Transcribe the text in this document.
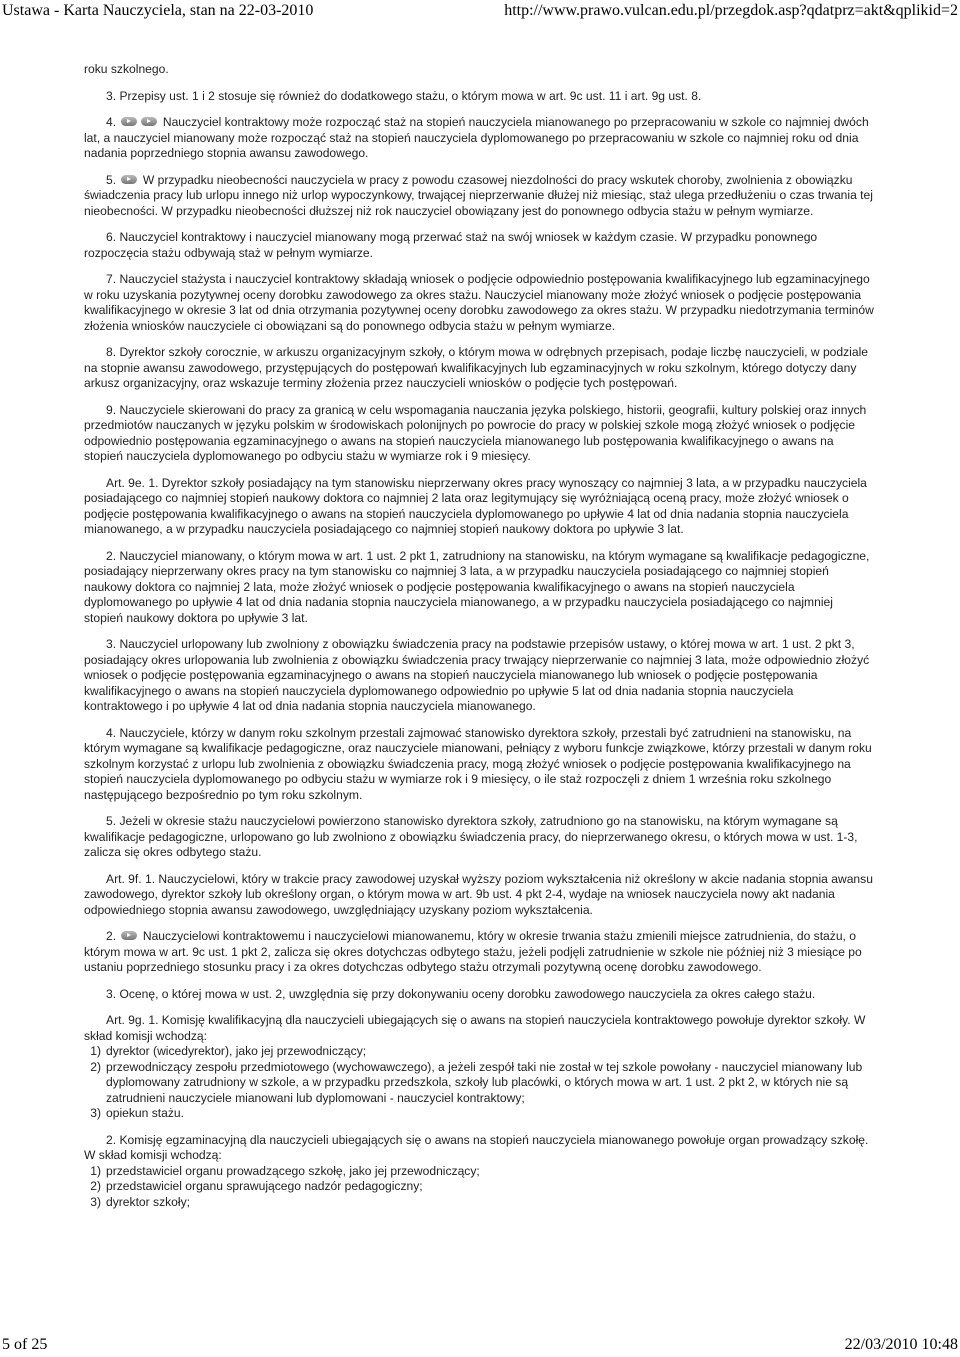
Ustawa - Karta Nauczyciela, stan na 22-03-2010	http://www.prawo.vulcan.edu.pl/przegdok.asp?qdatprz=akt&qplikid=2

roku szkolnego.

3. Przepisy ust. 1 i 2 stosuje się również do dodatkowego stażu, o którym mowa w art. 9c ust. 11 i art. 9g ust. 8.

4.	Nauczyciel kontraktowy może rozpocząć staż na stopień nauczyciela mianowanego po przepracowaniu w szkole co najmniej dwóch lat, a nauczyciel mianowany może rozpocząć staż na stopień nauczyciela dyplomowanego po przepracowaniu w szkole co najmniej roku od dnia nadania poprzedniego stopnia awansu zawodowego.

5. W przypadku nieobecności nauczyciela w pracy z powodu czasowej niezdolności do pracy wskutek choroby, zwolnienia z obowiązku świadczenia pracy lub urlopu innego niż urlop wypoczynkowy, trwającej nieprzerwanie dłużej niż miesiąc, staż ulega przedłużeniu o czas trwania tej nieobecności. W przypadku nieobecności dłuższej niż rok nauczyciel obowiązany jest do ponownego odbycia stażu w pełnym wymiarze.

6. Nauczyciel kontraktowy i nauczyciel mianowany mogą przerwać staż na swój wniosek w każdym czasie. W przypadku ponownego rozpoczęcia stażu odbywają staż w pełnym wymiarze.

7. Nauczyciel stażysta i nauczyciel kontraktowy składają wniosek o podjęcie odpowiednio postępowania kwalifikacyjnego lub egzaminacyjnego w roku uzyskania pozytywnej oceny dorobku zawodowego za okres stażu. Nauczyciel mianowany może złożyć wniosek o podjęcie postępowania kwalifikacyjnego w okresie 3 lat od dnia otrzymania pozytywnej oceny dorobku zawodowego za okres stażu. W przypadku niedotrzymania terminów złożenia wniosków nauczyciele ci obowiązani są do ponownego odbycia stażu w pełnym wymiarze.

8. Dyrektor szkoły corocznie, w arkuszu organizacyjnym szkoły, o którym mowa w odrębnych przepisach, podaje liczbę nauczycieli, w podziale na stopnie awansu zawodowego, przystępujących do postępowań kwalifikacyjnych lub egzaminacyjnych w roku szkolnym, którego dotyczy dany arkusz organizacyjny, oraz wskazuje terminy złożenia przez nauczycieli wniosków o podjęcie tych postępowań.

9. Nauczyciele skierowani do pracy za granicą w celu wspomagania nauczania języka polskiego, historii, geografii, kultury polskiej oraz innych przedmiotów nauczanych w języku polskim w środowiskach polonijnych po powrocie do pracy w polskiej szkole mogą złożyć wniosek o podjęcie odpowiednio postępowania egzaminacyjnego o awans na stopień nauczyciela mianowanego lub postępowania kwalifikacyjnego o awans na stopień nauczyciela dyplomowanego po odbyciu stażu w wymiarze rok i 9 miesięcy.

Art. 9e. 1. Dyrektor szkoły posiadający na tym stanowisku nieprzerwany okres pracy wynoszący co najmniej 3 lata, a w przypadku nauczyciela posiadającego co najmniej stopień naukowy doktora co najmniej 2 lata oraz legitymujący się wyróżniającą oceną pracy, może złożyć wniosek o podjęcie postępowania kwalifikacyjnego o awans na stopień nauczyciela dyplomowanego po upływie 4 lat od dnia nadania stopnia nauczyciela mianowanego, a w przypadku nauczyciela posiadającego co najmniej stopień naukowy doktora po upływie 3 lat.

2. Nauczyciel mianowany, o którym mowa w art. 1 ust. 2 pkt 1, zatrudniony na stanowisku, na którym wymagane są kwalifikacje pedagogiczne, posiadający nieprzerwany okres pracy na tym stanowisku co najmniej 3 lata, a w przypadku nauczyciela posiadającego co najmniej stopień naukowy doktora co najmniej 2 lata, może złożyć wniosek o podjęcie postępowania kwalifikacyjnego o awans na stopień nauczyciela dyplomowanego po upływie 4 lat od dnia nadania stopnia nauczyciela mianowanego, a w przypadku nauczyciela posiadającego co najmniej stopień naukowy doktora po upływie 3 lat.

3. Nauczyciel urlopowany lub zwolniony z obowiązku świadczenia pracy na podstawie przepisów ustawy, o której mowa w art. 1 ust. 2 pkt 3, posiadający okres urlopowania lub zwolnienia z obowiązku świadczenia pracy trwający nieprzerwanie co najmniej 3 lata, może odpowiednio złożyć wniosek o podjęcie postępowania egzaminacyjnego o awans na stopień nauczyciela mianowanego lub wniosek o podjęcie postępowania kwalifikacyjnego o awans na stopień nauczyciela dyplomowanego odpowiednio po upływie 5 lat od dnia nadania stopnia nauczyciela kontraktowego i po upływie 4 lat od dnia nadania stopnia nauczyciela mianowanego.

4. Nauczyciele, którzy w danym roku szkolnym przestali zajmować stanowisko dyrektora szkoły, przestali być zatrudnieni na stanowisku, na którym wymagane są kwalifikacje pedagogiczne, oraz nauczyciele mianowani, pełniący z wyboru funkcje związkowe, którzy przestali w danym roku szkolnym korzystać z urlopu lub zwolnienia z obowiązku świadczenia pracy, mogą złożyć wniosek o podjęcie postępowania kwalifikacyjnego na stopień nauczyciela dyplomowanego po odbyciu stażu w wymiarze rok i 9 miesięcy, o ile staż rozpoczęli z dniem 1 września roku szkolnego następującego bezpośrednio po tym roku szkolnym.

5. Jeżeli w okresie stażu nauczycielowi powierzono stanowisko dyrektora szkoły, zatrudniono go na stanowisku, na którym wymagane są kwalifikacje pedagogiczne, urlopowano go lub zwolniono z obowiązku świadczenia pracy, do nieprzerwanego okresu, o których mowa w ust. 1-3, zalicza się okres odbytego stażu.

Art. 9f. 1. Nauczycielowi, który w trakcie pracy zawodowej uzyskał wyższy poziom wykształcenia niż określony w akcie nadania stopnia awansu zawodowego, dyrektor szkoły lub określony organ, o którym mowa w art. 9b ust. 4 pkt 2-4, wydaje na wniosek nauczyciela nowy akt nadania odpowiedniego stopnia awansu zawodowego, uwzględniający uzyskany poziom wykształcenia.

2. Nauczycielowi kontraktowemu i nauczycielowi mianowanemu, który w okresie trwania stażu zmienili miejsce zatrudnienia, do stażu, o którym mowa w art. 9c ust. 1 pkt 2, zalicza się okres dotychczas odbytego stażu, jeżeli podjęli zatrudnienie w szkole nie później niż 3 miesiące po ustaniu poprzedniego stosunku pracy i za okres dotychczas odbytego stażu otrzymali pozytywną ocenę dorobku zawodowego.

3. Ocenę, o której mowa w ust. 2, uwzględnia się przy dokonywaniu oceny dorobku zawodowego nauczyciela za okres całego stażu.

Art. 9g. 1. Komisję kwalifikacyjną dla nauczycieli ubiegających się o awans na stopień nauczyciela kontraktowego powołuje dyrektor szkoły. W skład komisji wchodzą:

1) dyrektor (wicedyrektor), jako jej przewodniczący;
2) przewodniczący zespołu przedmiotowego (wychowawczego), a jeżeli zespół taki nie został w tej szkole powołany - nauczyciel mianowany lub dyplomowany zatrudniony w szkole, a w przypadku przedszkola, szkoły lub placówki, o których mowa w art. 1 ust. 2 pkt 2, w których nie są zatrudnieni nauczyciele mianowani lub dyplomowani - nauczyciel kontraktowy;
3) opiekun stażu.

2. Komisję egzaminacyjną dla nauczycieli ubiegających się o awans na stopień nauczyciela mianowanego powołuje organ prowadzący szkołę. W skład komisji wchodzą:

1) przedstawiciel organu prowadzącego szkołę, jako jej przewodniczący;
2) przedstawiciel organu sprawującego nadzór pedagogiczny;
3) dyrektor szkoły;
5 of 25	22/03/2010 10:48
